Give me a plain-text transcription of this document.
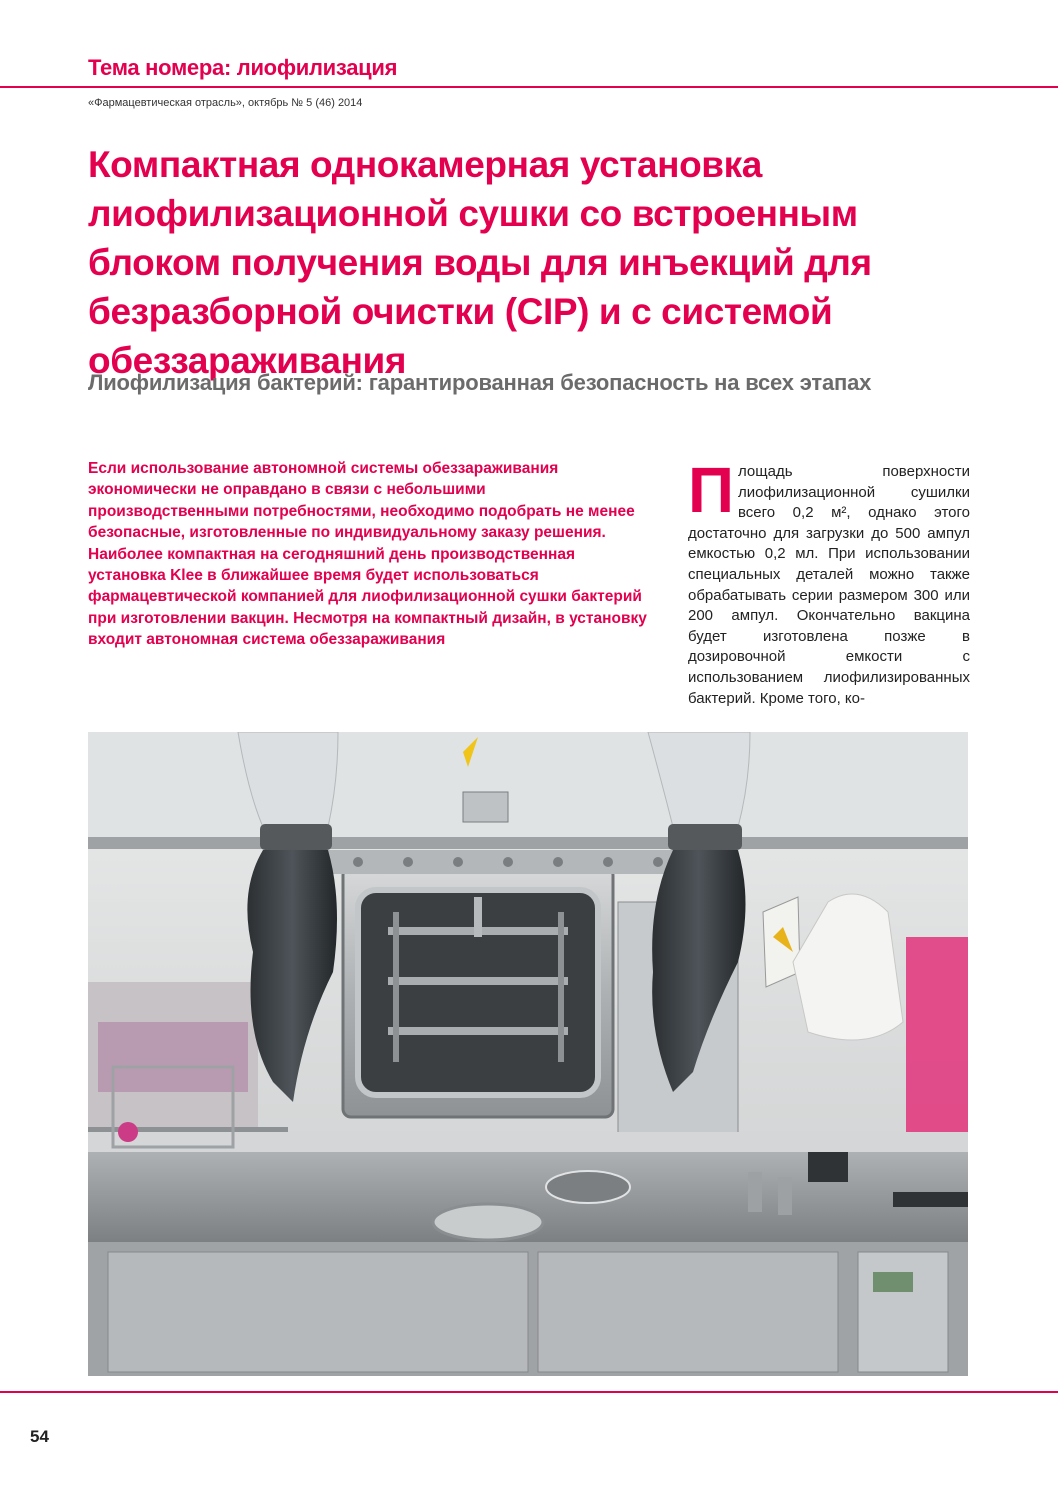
Тема номера: лиофилизация
«Фармацевтическая отрасль», октябрь № 5 (46) 2014
Компактная однокамерная установка лиофилизационной сушки со встроенным блоком получения воды для инъекций для безразборной очистки (CIP) и с системой обеззараживания
Лиофилизация бактерий: гарантированная безопасность на всех этапах

Если использование автономной системы обеззараживания экономически не оправдано в связи с небольшими производственными потребностями, необходимо подобрать не менее безопасные, изготовленные по индивидуальному заказу решения. Наиболее компактная на сегодняшний день производственная установка Klee в ближайшее время будет использоваться фармацевтической компанией для лиофилизационной сушки бактерий при изготовлении вакцин. Несмотря на компактный дизайн, в установку входит автономная система обеззараживания

Площадь поверхности лиофилизационной сушилки всего 0,2 м², однако этого достаточно для загрузки до 500 ампул емкостью 0,2 мл. При использовании специальных деталей можно также обрабатывать серии размером 300 или 200 ампул. Окончательно вакцина будет изготовлена позже в дозировочной емкости с использованием лиофилизированных бактерий. Кроме того, ко-
54
